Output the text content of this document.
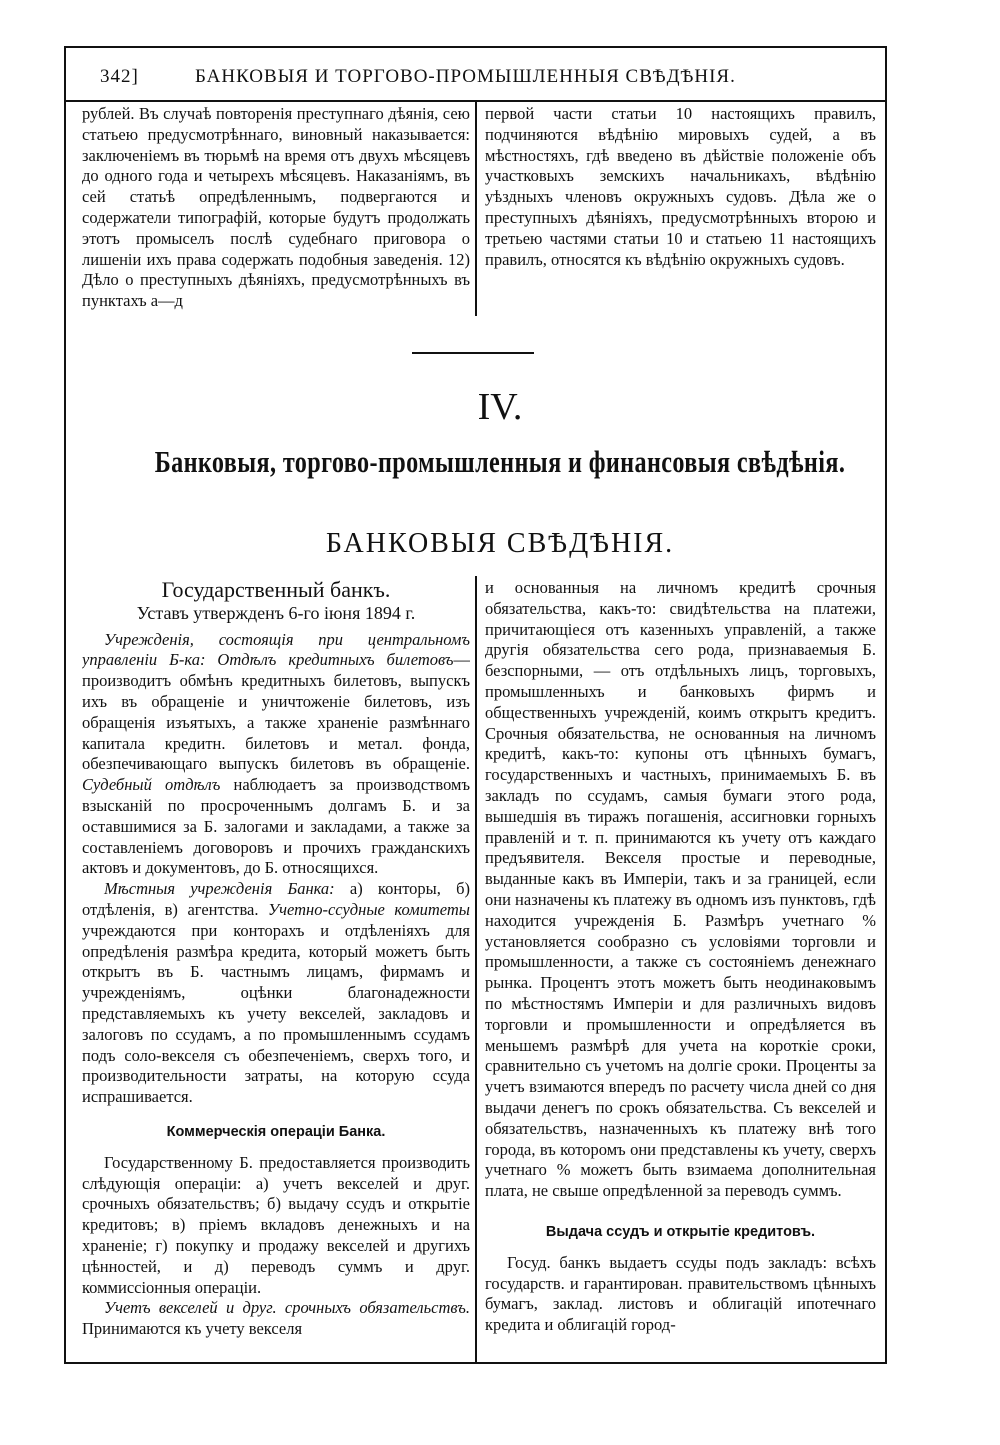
342]	БАНКОВЫЯ И ТОРГОВО-ПРОМЫШЛЕННЫЯ СВѢДѢНІЯ.

рублей. Въ случаѣ повторенія преступнаго дѣянія, сею статьею предусмотрѣннаго, виновный наказывается: заключеніемъ въ тюрьмѣ на время отъ двухъ мѣсяцевъ до одного года и четырехъ мѣсяцевъ. Наказаніямъ, въ сей статьѣ опредѣленнымъ, подвергаются и содержатели типографій, которые будутъ продолжать этотъ промыселъ послѣ судебнаго приговора о лишеніи ихъ права содержать подобныя заведенія. 12) Дѣло о преступныхъ дѣяніяхъ, предусмотрѣнныхъ въ пунктахъ а—д

первой части статьи 10 настоящихъ правилъ, подчиняются вѣдѣнію мировыхъ судей, а въ мѣстностяхъ, гдѣ введено въ дѣйствіе положеніе объ участковыхъ земскихъ начальникахъ, вѣдѣнію уѣздныхъ членовъ окружныхъ судовъ. Дѣла же о преступныхъ дѣяніяхъ, предусмотрѣнныхъ второю и третьею частями статьи 10 и статьею 11 настоящихъ правилъ, относятся къ вѣдѣнію окружныхъ судовъ.

IV.
Банковыя, торгово-промышленныя и финансовыя свѣдѣнія.
БАНКОВЫЯ СВѢДѢНІЯ.
Государственный банкъ.
Уставъ утвержденъ 6-го іюня 1894 г.

Учрежденія, состоящія при центральномъ управленіи Б-ка: Отдѣлъ кредитныхъ билетовъ—производитъ обмѣнъ кредитныхъ билетовъ, выпускъ ихъ въ обращеніе и уничтоженіе билетовъ, изъ обращенія изъятыхъ, а также храненіе размѣннаго капитала кредитн. билетовъ и метал. фонда, обезпечивающаго выпускъ билетовъ въ обращеніе. Судебный отдѣлъ наблюдаетъ за производствомъ взысканій по просроченнымъ долгамъ Б. и за оставшимися за Б. залогами и закладами, а также за составленіемъ договоровъ и прочихъ гражданскихъ актовъ и документовъ, до Б. относящихся.

Мѣстныя учрежденія Банка: а) конторы, б) отдѣленія, в) агентства. Учетно-ссудные комитеты учреждаются при конторахъ и отдѣленіяхъ для опредѣленія размѣра кредита, который можетъ быть открытъ въ Б. частнымъ лицамъ, фирмамъ и учрежденіямъ, оцѣнки благонадежности представляемыхъ къ учету векселей, закладовъ и залоговъ по ссудамъ, а по промышленнымъ ссудамъ подъ соло-векселя съ обезпеченіемъ, сверхъ того, и производительности затраты, на которую ссуда испрашивается.

Коммерческія операціи Банка.

Государственному Б. предоставляется производить слѣдующія операціи: а) учетъ векселей и друг. срочныхъ обязательствъ; б) выдачу ссудъ и открытіе кредитовъ; в) пріемъ вкладовъ денежныхъ и на храненіе; г) покупку и продажу векселей и другихъ цѣнностей, и д) переводъ суммъ и друг. коммиссіонныя операціи.

Учетъ векселей и друг. срочныхъ обязательствъ. Принимаются къ учету векселя

и основанныя на личномъ кредитѣ срочныя обязательства, какъ-то: свидѣтельства на платежи, причитающіеся отъ казенныхъ управленій, а также другія обязательства сего рода, признаваемыя Б. безспорными, — отъ отдѣльныхъ лицъ, торговыхъ, промышленныхъ и банковыхъ фирмъ и общественныхъ учрежденій, коимъ открытъ кредитъ. Срочныя обязательства, не основанныя на личномъ кредитѣ, какъ-то: купоны отъ цѣнныхъ бумагъ, государственныхъ и частныхъ, принимаемыхъ Б. въ закладъ по ссудамъ, самыя бумаги этого рода, вышедшія въ тиражъ погашенія, ассигновки горныхъ правленій и т. п. принимаются къ учету отъ каждаго предъявителя. Векселя простые и переводные, выданные какъ въ Имперіи, такъ и за границей, если они назначены къ платежу въ одномъ изъ пунктовъ, гдѣ находится учрежденія Б. Размѣръ учетнаго % установляется сообразно съ условіями торговли и промышленности, а также съ состояніемъ денежнаго рынка. Процентъ этотъ можетъ быть неодинаковымъ по мѣстностямъ Имперіи и для различныхъ видовъ торговли и промышленности и опредѣляется въ меньшемъ размѣрѣ для учета на короткіе сроки, сравнительно съ учетомъ на долгіе сроки. Проценты за учетъ взимаются впередъ по расчету числа дней со дня выдачи денегъ по срокъ обязательства. Съ векселей и обязательствъ, назначенныхъ къ платежу внѣ того города, въ которомъ они представлены къ учету, сверхъ учетнаго % можетъ быть взимаема дополнительная плата, не свыше опредѣленной за переводъ суммъ.

Выдача ссудъ и открытіе кредитовъ.

Госуд. банкъ выдаетъ ссуды подъ закладъ: всѣхъ государств. и гарантирован. правительствомъ цѣнныхъ бумагъ, заклад. листовъ и облигацій ипотечнаго кредита и облигацій город-
